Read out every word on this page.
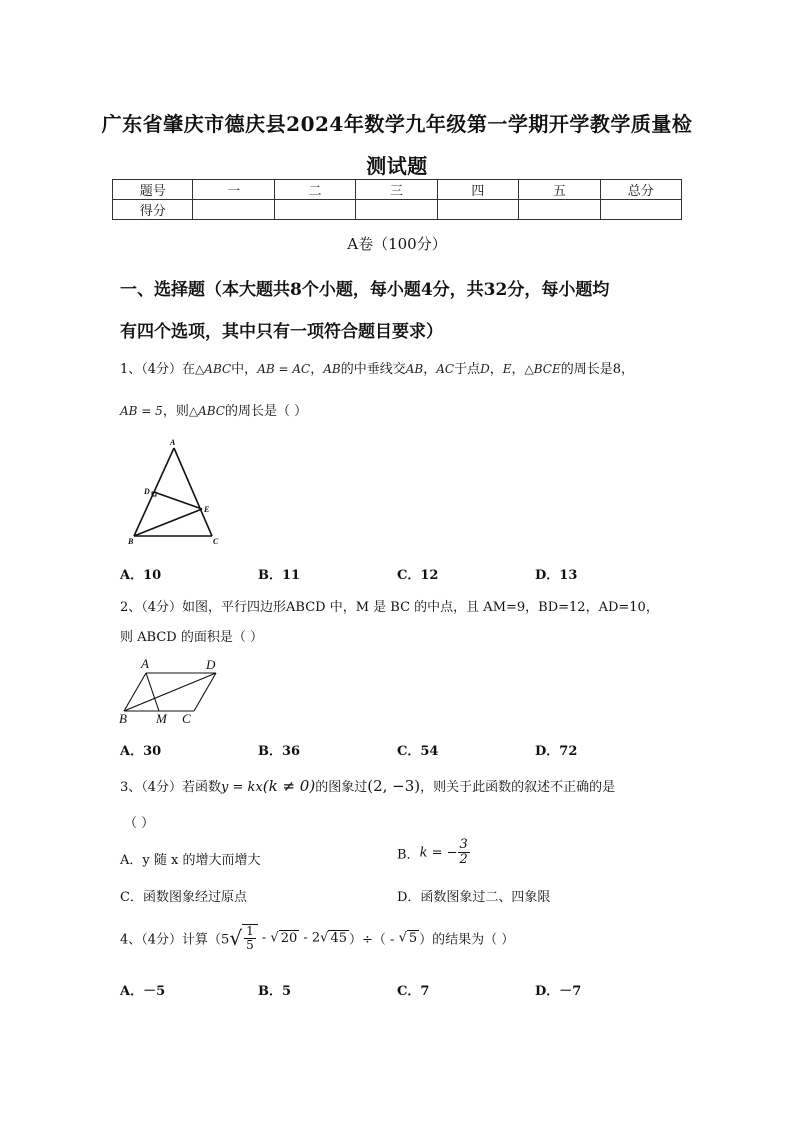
广东省肇庆市德庆县2024年数学九年级第一学期开学教学质量检
测试题
题号	一	二	三	四	五	总分
得分						
A卷（100分）
一、选择题（本大题共8个小题，每小题4分，共32分，每小题均
有四个选项，其中只有一项符合题目要求）
1、（4分）在△ABC中，AB = AC，AB的中垂线交AB，AC于点D，E，△BCE的周长是8，
AB = 5，则△ABC的周长是（ ）
A
D
E
B	C
A．10	B．11	C．12	D．13
2、（4分）如图，平行四边形ABCD 中，M 是 BC 的中点，且 AM=9，BD=12，AD=10，
则 ABCD 的面积是（ ）
A	D
B M C
A．30	B．36	C．54	D．72
3、（4分）若函数y = kx(k ≠ 0)的图象过(2, −3)，则关于此函数的叙述不正确的是
（ ）
A．y 随 x 的增大而增大	B．k = − $\frac{3}{2}$
C．函数图象经过原点	D．函数图象过二、四象限
4、（4分）计算（$5√ \frac{1}{5}$ - √ 20 - 2√ 45 ）÷（ - √ 5 ）的结果为（ ）
A．－5	B．5	C．7	D．－7
